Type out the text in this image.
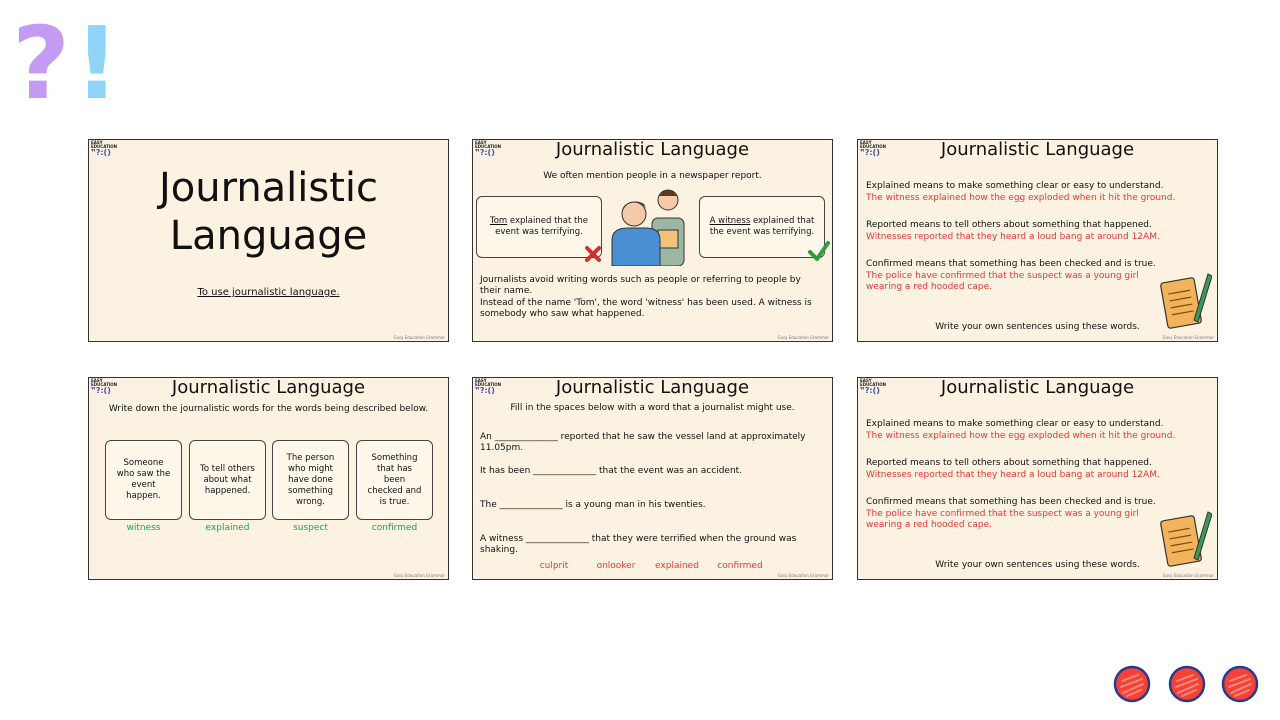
? !
EASY EDUCATION
❞?:()
Journalistic
Language
To use journalistic language.
Easy Education Grammar
EASY EDUCATION
❞?:()	Journalistic Language
We often mention people in a newspaper report.
Tom explained that the event was terrifying.
A witness explained that the event was terrifying.
Journalists avoid writing words such as people or referring to people by their name.
Instead of the name 'Tom', the word 'witness' has been used. A witness is somebody who saw what happened.
Easy Education Grammar
EASY EDUCATION
❞?:()	Journalistic Language
Explained means to make something clear or easy to understand.
The witness explained how the egg exploded when it hit the ground.
Reported means to tell others about something that happened.
Witnesses reported that they heard a loud bang at around 12AM.
Confirmed means that something has been checked and is true.
The police have confirmed that the suspect was a young girl wearing a red hooded cape.
Write your own sentences using these words.
Easy Education Grammar
EASY EDUCATION
❞?:()	Journalistic Language
Write down the journalistic words for the words being described below.
Someone who saw the event happen.
To tell others about what happened.
The person who might have done something wrong.
Something that has been checked and is true.
witness	explained	suspect	confirmed
Easy Education Grammar
EASY EDUCATION
❞?:()	Journalistic Language
Fill in the spaces below with a word that a journalist might use.
An ______________ reported that he saw the vessel land at approximately 11.05pm.
It has been ______________ that the event was an accident.
The ______________ is a young man in his twenties.
A witness ______________ that they were terrified when the ground was shaking.
culprit	onlooker	explained	confirmed
Easy Education Grammar
EASY EDUCATION
❞?:()	Journalistic Language
Explained means to make something clear or easy to understand.
The witness explained how the egg exploded when it hit the ground.
Reported means to tell others about something that happened.
Witnesses reported that they heard a loud bang at around 12AM.
Confirmed means that something has been checked and is true.
The police have confirmed that the suspect was a young girl wearing a red hooded cape.
Write your own sentences using these words.
Easy Education Grammar
